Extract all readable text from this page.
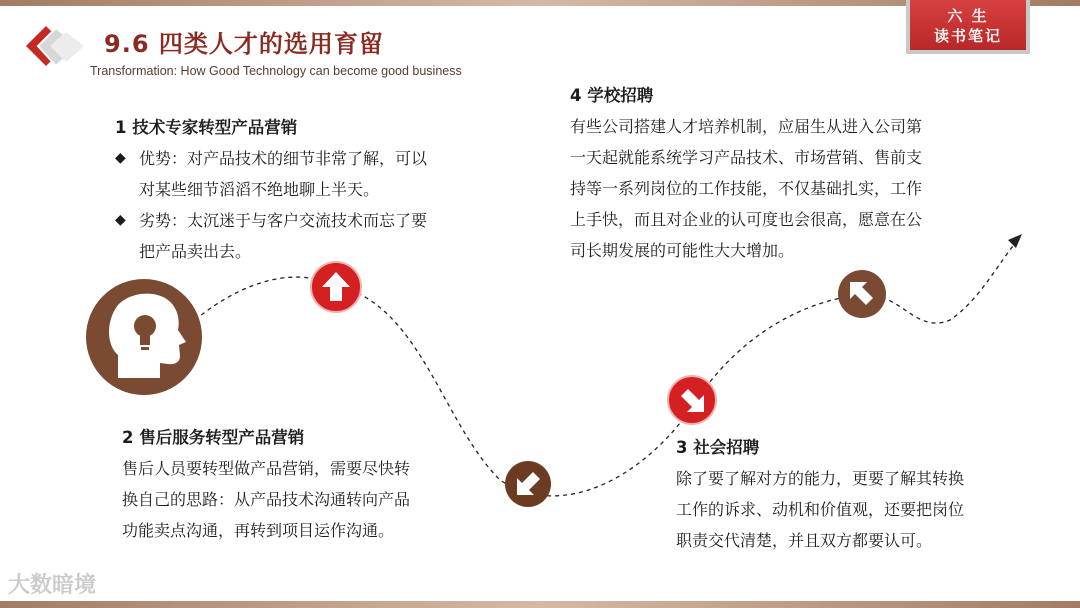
9.6 四类人才的选用育留
Transformation: How Good Technology can become good business
六 生
读书笔记
1 技术专家转型产品营销
◆ 优势：对产品技术的细节非常了解，可以
对某些细节滔滔不绝地聊上半天。
◆ 劣势：太沉迷于与客户交流技术而忘了要
把产品卖出去。
2 售后服务转型产品营销
售后人员要转型做产品营销，需要尽快转
换自己的思路：从产品技术沟通转向产品
功能卖点沟通，再转到项目运作沟通。
3 社会招聘
除了要了解对方的能力，更要了解其转换
工作的诉求、动机和价值观，还要把岗位
职责交代清楚，并且双方都要认可。
4 学校招聘
有些公司搭建人才培养机制，应届生从进入公司第
一天起就能系统学习产品技术、市场营销、售前支
持等一系列岗位的工作技能，不仅基础扎实，工作
上手快，而且对企业的认可度也会很高，愿意在公
司长期发展的可能性大大增加。
大数暗境
